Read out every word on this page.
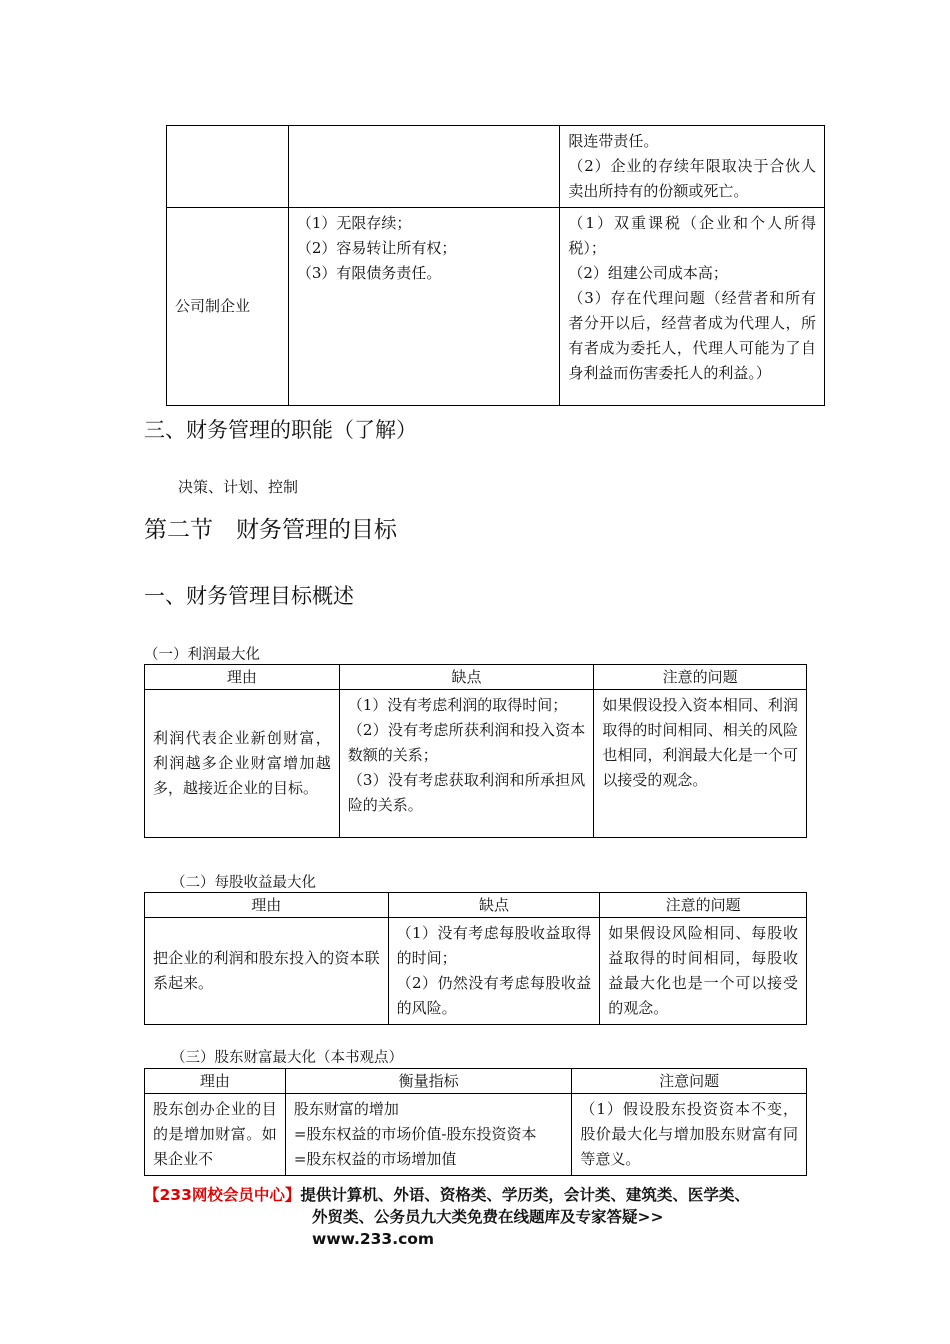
		限连带责任。
（2）企业的存续年限取决于合伙人卖出所持有的份额或死亡。
公司制企业	（1）无限存续；
（2）容易转让所有权；
（3）有限债务责任。	（1）双重课税（企业和个人所得税）；
（2）组建公司成本高；
（3）存在代理问题（经营者和所有者分开以后，经营者成为代理人，所有者成为委托人，代理人可能为了自身利益而伤害委托人的利益。）
三、财务管理的职能（了解）
决策、计划、控制
第二节　财务管理的目标
一、财务管理目标概述
（一）利润最大化
理由	缺点	注意的问题
利润代表企业新创财富，利润越多企业财富增加越多，越接近企业的目标。	（1）没有考虑利润的取得时间；
（2）没有考虑所获利润和投入资本数额的关系；
（3）没有考虑获取利润和所承担风险的关系。	如果假设投入资本相同、利润取得的时间相同、相关的风险也相同，利润最大化是一个可以接受的观念。
（二）每股收益最大化
理由	缺点	注意的问题
把企业的利润和股东投入的资本联系起来。	（1）没有考虑每股收益取得的时间；
（2）仍然没有考虑每股收益的风险。	如果假设风险相同、每股收益取得的时间相同，每股收益最大化也是一个可以接受的观念。
（三）股东财富最大化（本书观点）
理由	衡量指标	注意问题
股东创办企业的目的是增加财富。如果企业不	股东财富的增加
=股东权益的市场价值-股东投资资本
=股东权益的市场增加值	（1）假设股东投资资本不变，股价最大化与增加股东财富有同等意义。
【233网校会员中心】提供计算机、外语、资格类、学历类，会计类、建筑类、医学类、
外贸类、公务员九大类免费在线题库及专家答疑>>
www.233.com
